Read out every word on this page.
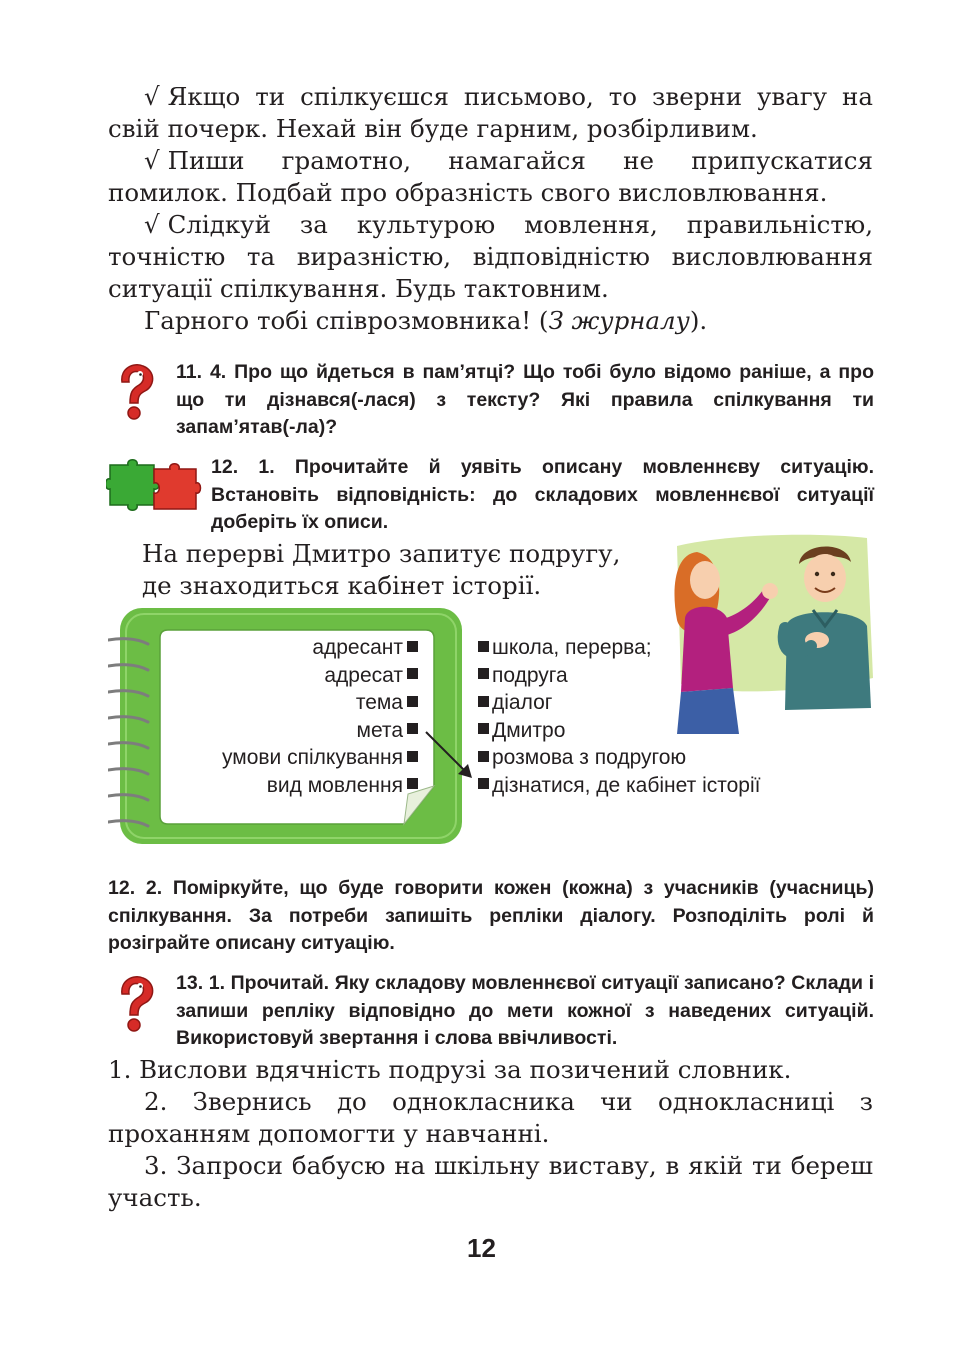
√ Якщо ти спілкуєшся письмово, то зверни увагу на свій почерк. Нехай він буде гарним, розбірливим.
√ Пиши грамотно, намагайся не припускатися помилок. Подбай про образність свого висловлювання.
√ Слідкуй за культурою мовлення, правильністю, точністю та виразністю, відповідністю висловлювання ситуації спілкування. Будь тактовним.
Гарного тобі співрозмовника! (З журналу).
11. 4. Про що йдеться в пам’ятці? Що тобі було відомо раніше, а про що ти дізнався(-лася) з тексту? Які правила спілкування ти запам’ятав(-ла)?
12. 1. Прочитайте й уявіть описану мовленнєву ситуацію. Встановіть відповідність: до складових мовленнєвої ситуації доберіть їх описи.
На перерві Дмитро запитує подругу,
де знаходиться кабінет історії.
адресант
адресат
тема
мета
умови спілкування
вид мовлення
школа, перерва;
подруга
діалог
Дмитро
розмова з подругою
дізнатися, де кабінет історії
12. 2. Поміркуйте, що буде говорити кожен (кожна) з учасників (учасниць) спілкування. За потреби запишіть репліки діалогу. Розподіліть ролі й розіграйте описану ситуацію.
13. 1. Прочитай. Яку складову мовленнєвої ситуації записано? Склади і запиши репліку відповідно до мети кожної з наведених ситуацій. Використовуй звертання і слова ввічливості.
1. Вислови вдячність подрузі за позичений словник.
2. Звернись до однокласника чи однокласниці з проханням допомогти у навчанні.
3. Запроси бабусю на шкільну виставу, в якій ти береш участь.
12
